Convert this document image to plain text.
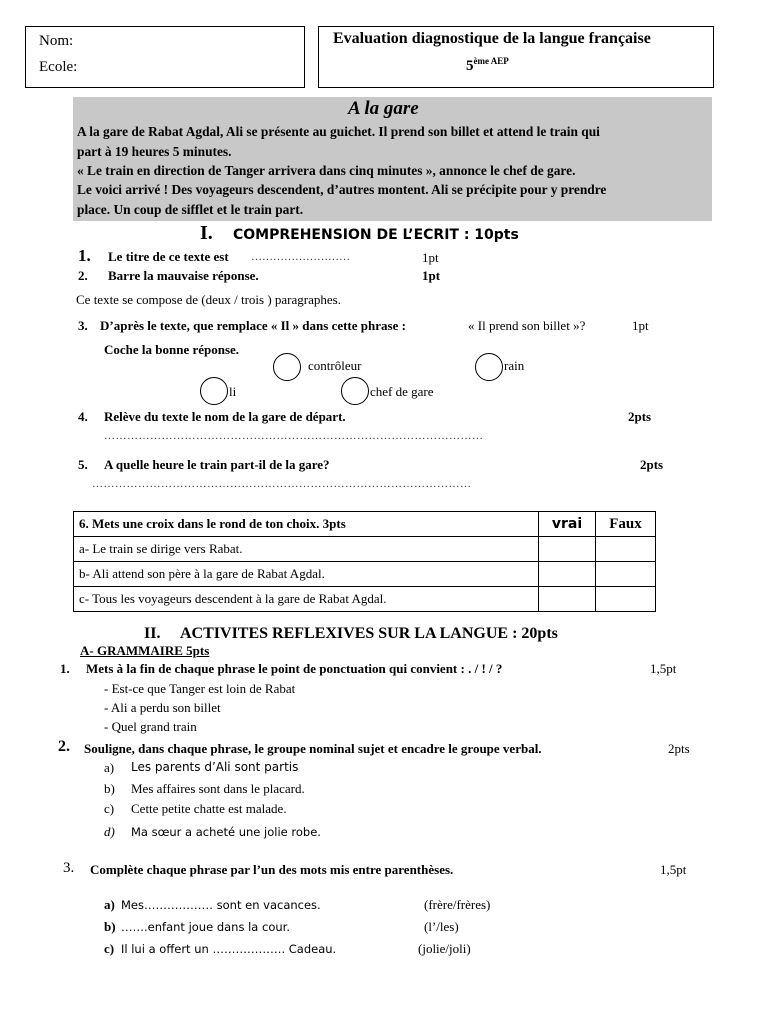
Nom:
Ecole:
Evaluation diagnostique de la langue française
$5^{ème AEP}$
A la gare
A la gare de Rabat Agdal, Ali se présente au guichet. Il prend son billet et attend le train qui
part à 19 heures 5 minutes.
« Le train en direction de Tanger arrivera dans cinq minutes », annonce le chef de gare.
Le voici arrivé ! Des voyageurs descendent, d’autres montent. Ali se précipite pour y prendre
place. Un coup de sifflet et le train part.
I. COMPREHENSION DE L’ECRIT : 10pts
1. Le titre de ce texte est ………………………	1pt
2. Barre la mauvaise réponse.	1pt
Ce texte se compose de (deux / trois ) paragraphes.
3. D’après le texte, que remplace « Il » dans cette phrase :	« Il prend son billet »?	1pt
Coche la bonne réponse.
contrôleur	rain
li	chef de gare
4. Relève du texte le nom de la gare de départ.	2pts
………………………………………………………………………………………
5. A quelle heure le train part-il de la gare?	2pts
………………………………………………………………………………………
6. Mets une croix dans le rond de ton choix. 3pts	vrai	Faux
a- Le train se dirige vers Rabat.		
b- Ali attend son père à la gare de Rabat Agdal.		
c- Tous les voyageurs descendent à la gare de Rabat Agdal.		
II. ACTIVITES REFLEXIVES SUR LA LANGUE : 20pts
A- GRAMMAIRE 5pts
1. Mets à la fin de chaque phrase le point de ponctuation qui convient : . / ! / ?	1,5pt
- Est-ce que Tanger est loin de Rabat
- Ali a perdu son billet
- Quel grand train
2. Souligne, dans chaque phrase, le groupe nominal sujet et encadre le groupe verbal.	2pts
a) Les parents d’Ali sont partis
b) Mes affaires sont dans le placard.
c) Cette petite chatte est malade.
d) Ma sœur a acheté une jolie robe.
3. Complète chaque phrase par l’un des mots mis entre parenthèses.	1,5pt
a) Mes……………… sont en vacances.	(frère/frères)
b) …….enfant joue dans la cour.	(l’/les)
c) Il lui a offert un ………………. Cadeau.	(jolie/joli)
